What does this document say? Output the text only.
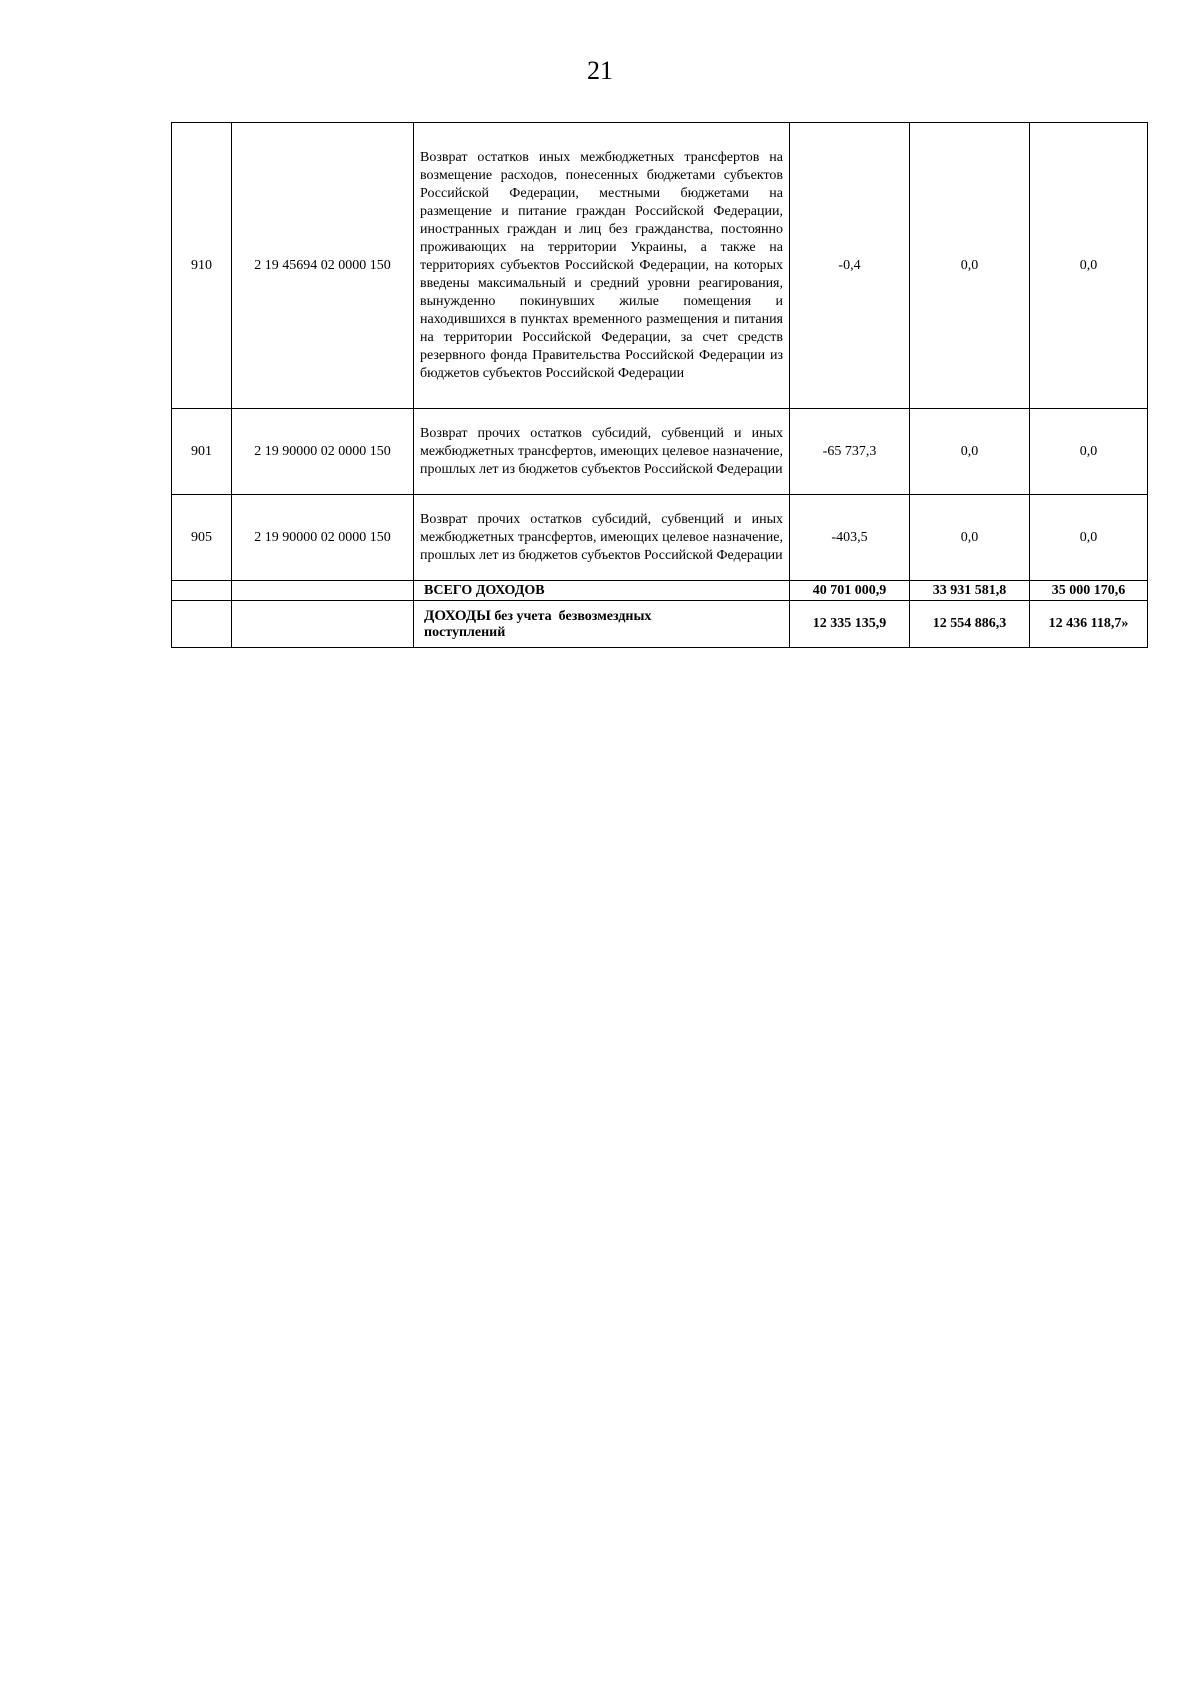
21
910	2 19 45694 02 0000 150	Возврат остатков иных межбюджетных трансфертов на возмещение расходов, понесенных бюджетами субъектов Российской Федерации, местными бюджетами на размещение и питание граждан Российской Федерации, иностранных граждан и лиц без гражданства, постоянно проживающих на территории Украины, а также на территориях субъектов Российской Федерации, на которых введены максимальный и средний уровни реагирования, вынужденно покинувших жилые помещения и находившихся в пунктах временного размещения и питания на территории Российской Федерации, за счет средств резервного фонда Правительства Российской Федерации из бюджетов субъектов Российской Федерации	-0,4	0,0	0,0
901	2 19 90000 02 0000 150	Возврат прочих остатков субсидий, субвенций и иных межбюджетных трансфертов, имеющих целевое назначение, прошлых лет из бюджетов субъектов Российской Федерации	-65 737,3	0,0	0,0
905	2 19 90000 02 0000 150	Возврат прочих остатков субсидий, субвенций и иных межбюджетных трансфертов, имеющих целевое назначение, прошлых лет из бюджетов субъектов Российской Федерации	-403,5	0,0	0,0
		ВСЕГО ДОХОДОВ	40 701 000,9	33 931 581,8	35 000 170,6
		ДОХОДЫ без учета  безвозмездных
поступлений	12 335 135,9	12 554 886,3	12 436 118,7»
